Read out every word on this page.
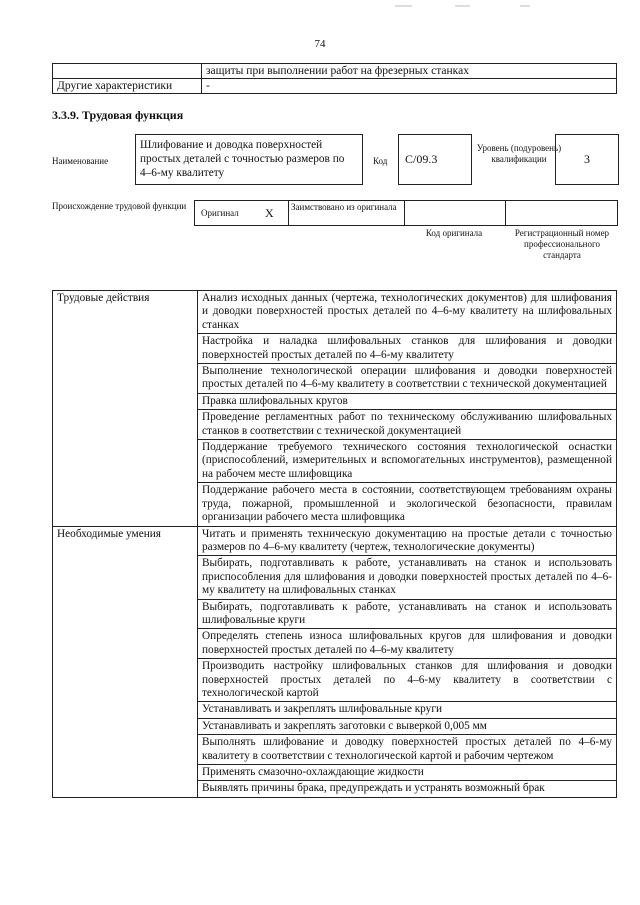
74
	защиты при выполнении работ на фрезерных станках
Другие характеристики	-
3.3.9. Трудовая функция
Наименование
Шлифование и доводка поверхностей простых деталей с точностью размеров по 4–6-му квалитету
Код	С/09.3
Уровень (подуровень) квалификации	3
Происхождение трудовой функции
Оригинал X Заимствовано из оригинала
Код оригинала	Регистрационный номер профессионального стандарта
Трудовые действия	Анализ исходных данных (чертежа, технологических документов) для шлифования и доводки поверхностей простых деталей по 4–6-му квалитету на шлифовальных станках
	Настройка и наладка шлифовальных станков для шлифования и доводки поверхностей простых деталей по 4–6-му квалитету
	Выполнение технологической операции шлифования и доводки поверхностей простых деталей по 4–6-му квалитету в соответствии с технической документацией
	Правка шлифовальных кругов
	Проведение регламентных работ по техническому обслуживанию шлифовальных станков в соответствии с технической документацией
	Поддержание требуемого технического состояния технологической оснастки (приспособлений, измерительных и вспомогательных инструментов), размещенной на рабочем месте шлифовщика
	Поддержание рабочего места в состоянии, соответствующем требованиям охраны труда, пожарной, промышленной и экологической безопасности, правилам организации рабочего места шлифовщика
Необходимые умения	Читать и применять техническую документацию на простые детали с точностью размеров по 4–6-му квалитету (чертеж, технологические документы)
	Выбирать, подготавливать к работе, устанавливать на станок и использовать приспособления для шлифования и доводки поверхностей простых деталей по 4–6-му квалитету на шлифовальных станках
	Выбирать, подготавливать к работе, устанавливать на станок и использовать шлифовальные круги
	Определять степень износа шлифовальных кругов для шлифования и доводки поверхностей простых деталей по 4–6-му квалитету
	Производить настройку шлифовальных станков для шлифования и доводки поверхностей простых деталей по 4–6-му квалитету в соответствии с технологической картой
	Устанавливать и закреплять шлифовальные круги
	Устанавливать и закреплять заготовки с выверкой 0,005 мм
	Выполнять шлифование и доводку поверхностей простых деталей по 4–6-му квалитету в соответствии с технологической картой и рабочим чертежом
	Применять смазочно-охлаждающие жидкости
	Выявлять причины брака, предупреждать и устранять возможный брак
